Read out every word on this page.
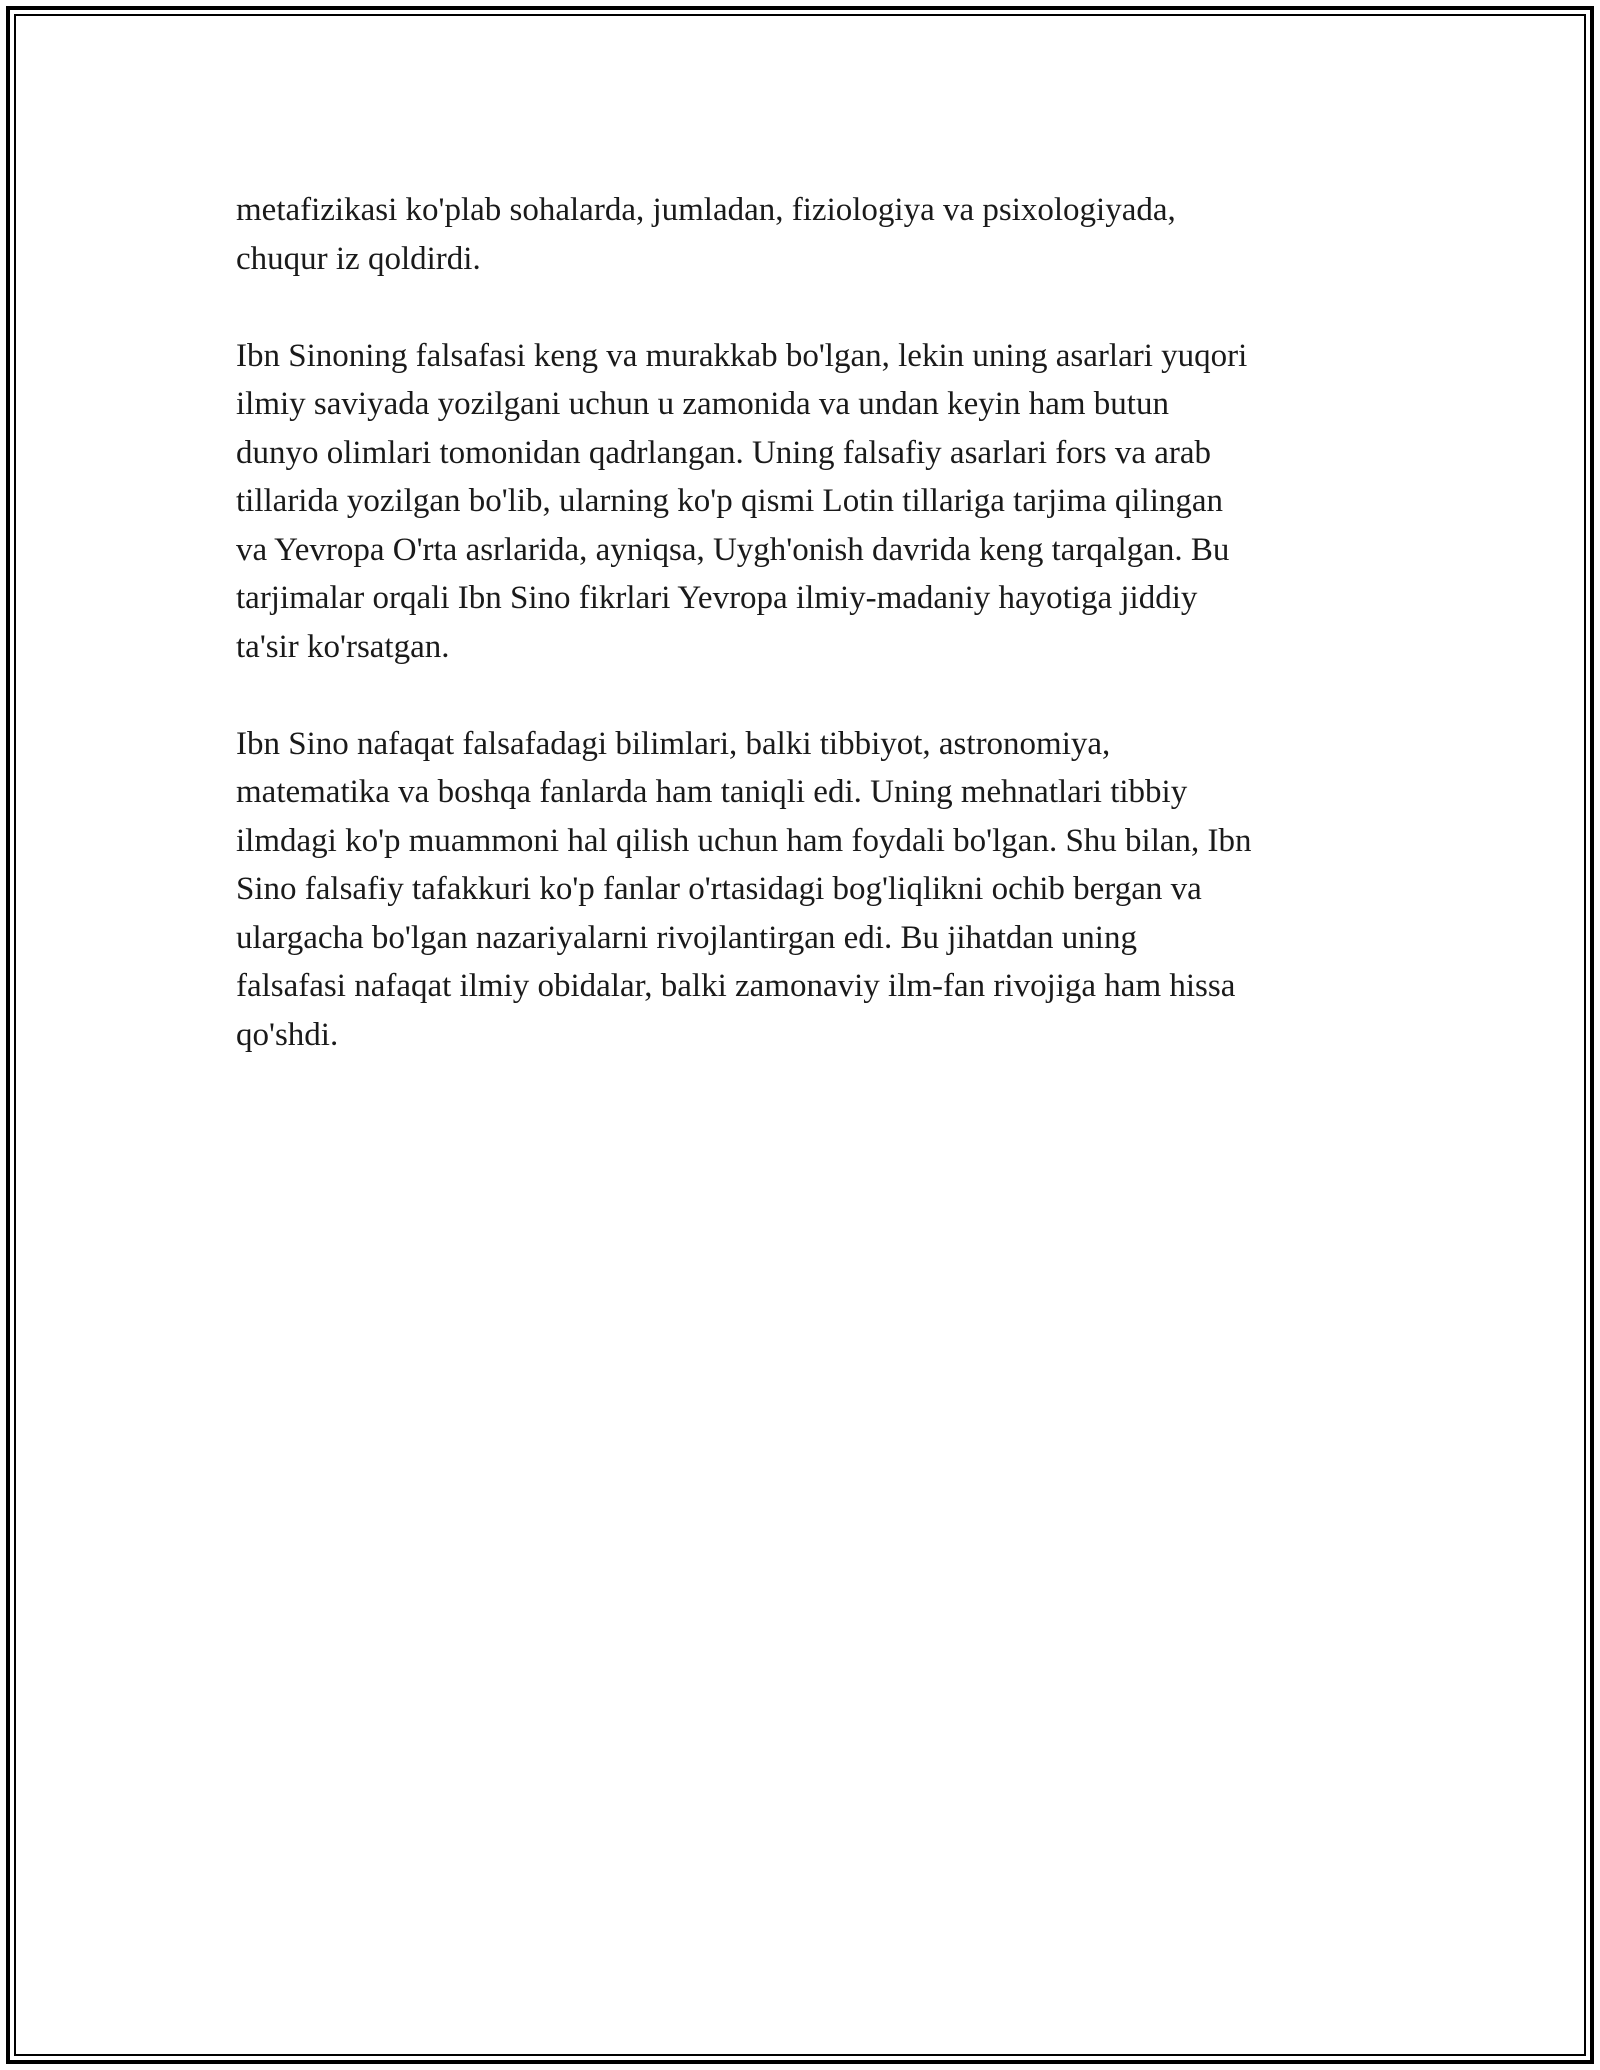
metafizikasi ko'plab sohalarda, jumladan, fiziologiya va psixologiyada,
chuqur iz qoldirdi.

Ibn Sinoning falsafasi keng va murakkab bo'lgan, lekin uning asarlari yuqori
ilmiy saviyada yozilgani uchun u zamonida va undan keyin ham butun
dunyo olimlari tomonidan qadrlangan. Uning falsafiy asarlari fors va arab
tillarida yozilgan bo'lib, ularning ko'p qismi Lotin tillariga tarjima qilingan
va Yevropa O'rta asrlarida, ayniqsa, Uygh'onish davrida keng tarqalgan. Bu
tarjimalar orqali Ibn Sino fikrlari Yevropa ilmiy-madaniy hayotiga jiddiy
ta'sir ko'rsatgan.

Ibn Sino nafaqat falsafadagi bilimlari, balki tibbiyot, astronomiya,
matematika va boshqa fanlarda ham taniqli edi. Uning mehnatlari tibbiy
ilmdagi ko'p muammoni hal qilish uchun ham foydali bo'lgan. Shu bilan, Ibn
Sino falsafiy tafakkuri ko'p fanlar o'rtasidagi bog'liqlikni ochib bergan va
ulargacha bo'lgan nazariyalarni rivojlantirgan edi. Bu jihatdan uning
falsafasi nafaqat ilmiy obidalar, balki zamonaviy ilm-fan rivojiga ham hissa
qo'shdi.
